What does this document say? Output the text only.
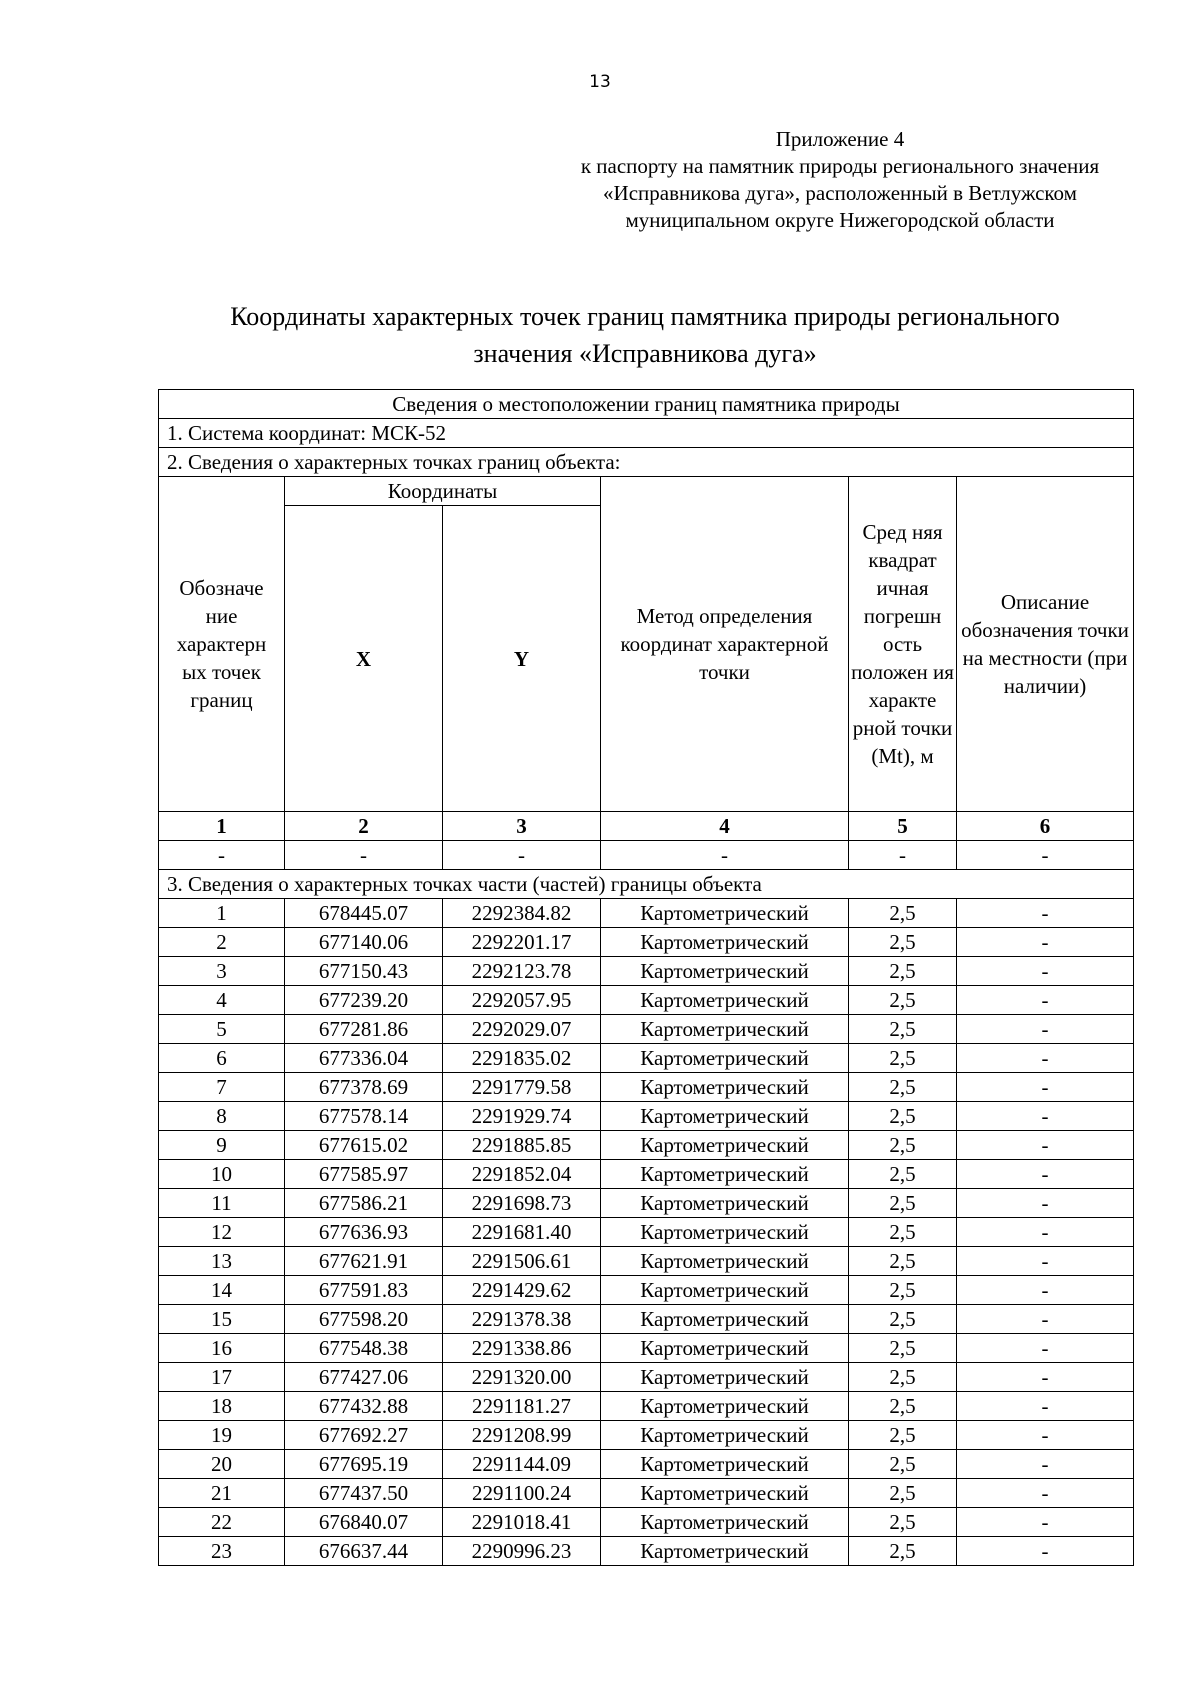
13
Приложение 4
к паспорту на памятник природы регионального значения
«Исправникова дуга», расположенный в Ветлужском
муниципальном округе Нижегородской области
Координаты характерных точек границ памятника природы регионального
значения «Исправникова дуга»
Сведения о местоположении границ памятника природы					
1. Система координат: МСК-52					
2. Сведения о характерных точках границ объекта:					
Обозначе ние характерн ых точек границ	Координаты		Метод определения координат характерной точки	Сред няя квадрат ичная погрешн ость положен ия характе рной точки (Mt), м	Описание обозначения точки на местности (при наличии)
	X	Y			
1	2	3	4	5	6
-	-	-	-	-	-
3. Сведения о характерных точках части (частей) границы объекта					
1	678445.07	2292384.82	Картометрический	2,5	-
2	677140.06	2292201.17	Картометрический	2,5	-
3	677150.43	2292123.78	Картометрический	2,5	-
4	677239.20	2292057.95	Картометрический	2,5	-
5	677281.86	2292029.07	Картометрический	2,5	-
6	677336.04	2291835.02	Картометрический	2,5	-
7	677378.69	2291779.58	Картометрический	2,5	-
8	677578.14	2291929.74	Картометрический	2,5	-
9	677615.02	2291885.85	Картометрический	2,5	-
10	677585.97	2291852.04	Картометрический	2,5	-
11	677586.21	2291698.73	Картометрический	2,5	-
12	677636.93	2291681.40	Картометрический	2,5	-
13	677621.91	2291506.61	Картометрический	2,5	-
14	677591.83	2291429.62	Картометрический	2,5	-
15	677598.20	2291378.38	Картометрический	2,5	-
16	677548.38	2291338.86	Картометрический	2,5	-
17	677427.06	2291320.00	Картометрический	2,5	-
18	677432.88	2291181.27	Картометрический	2,5	-
19	677692.27	2291208.99	Картометрический	2,5	-
20	677695.19	2291144.09	Картометрический	2,5	-
21	677437.50	2291100.24	Картометрический	2,5	-
22	676840.07	2291018.41	Картометрический	2,5	-
23	676637.44	2290996.23	Картометрический	2,5	-
